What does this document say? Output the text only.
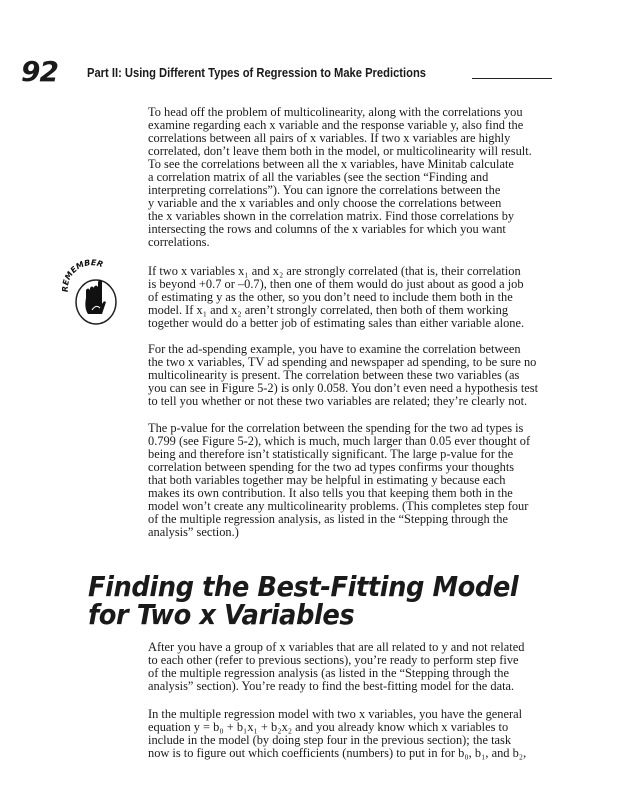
92 Part II: Using Different Types of Regression to Make Predictions
EMEMBER
To head off the problem of multicolinearity, along with the correlations you
examine regarding each x variable and the response variable y, also find the
correlations between all pairs of x variables. If two x variables are highly
correlated, don’t leave them both in the model, or multicolinearity will result.
To see the correlations between all the x variables, have Minitab calculate
a correlation matrix of all the variables (see the section “Finding and
interpreting correlations”). You can ignore the correlations between the
y variable and the x variables and only choose the correlations between
the x variables shown in the correlation matrix. Find those correlations by
intersecting the rows and columns of the x variables for which you want
correlations.
If two x variables x₁ and x₂ are strongly correlated (that is, their correlation
is beyond +0.7 or –0.7), then one of them would do just about as good a job
of estimating y as the other, so you don’t need to include them both in the
model. If x₁ and x₂ aren’t strongly correlated, then both of them working
together would do a better job of estimating sales than either variable alone.
For the ad-spending example, you have to examine the correlation between
the two x variables, TV ad spending and newspaper ad spending, to be sure no
multicolinearity is present. The correlation between these two variables (as
you can see in Figure 5-2) is only 0.058. You don’t even need a hypothesis test
to tell you whether or not these two variables are related; they’re clearly not.
The p-value for the correlation between the spending for the two ad types is
0.799 (see Figure 5-2), which is much, much larger than 0.05 ever thought of
being and therefore isn’t statistically significant. The large p-value for the
correlation between spending for the two ad types confirms your thoughts
that both variables together may be helpful in estimating y because each
makes its own contribution. It also tells you that keeping them both in the
model won’t create any multicolinearity problems. (This completes step four
of the multiple regression analysis, as listed in the “Stepping through the
analysis” section.)
Finding the Best-Fitting Model
for Two x Variables
After you have a group of x variables that are all related to y and not related
to each other (refer to previous sections), you’re ready to perform step five
of the multiple regression analysis (as listed in the “Stepping through the
analysis” section). You’re ready to find the best-fitting model for the data.
In the multiple regression model with two x variables, you have the general
equation y = b₀ + b₁x₁ + b₂x₂ and you already know which x variables to
include in the model (by doing step four in the previous section); the task
now is to figure out which coefficients (numbers) to put in for b₀, b₁, and b₂,
